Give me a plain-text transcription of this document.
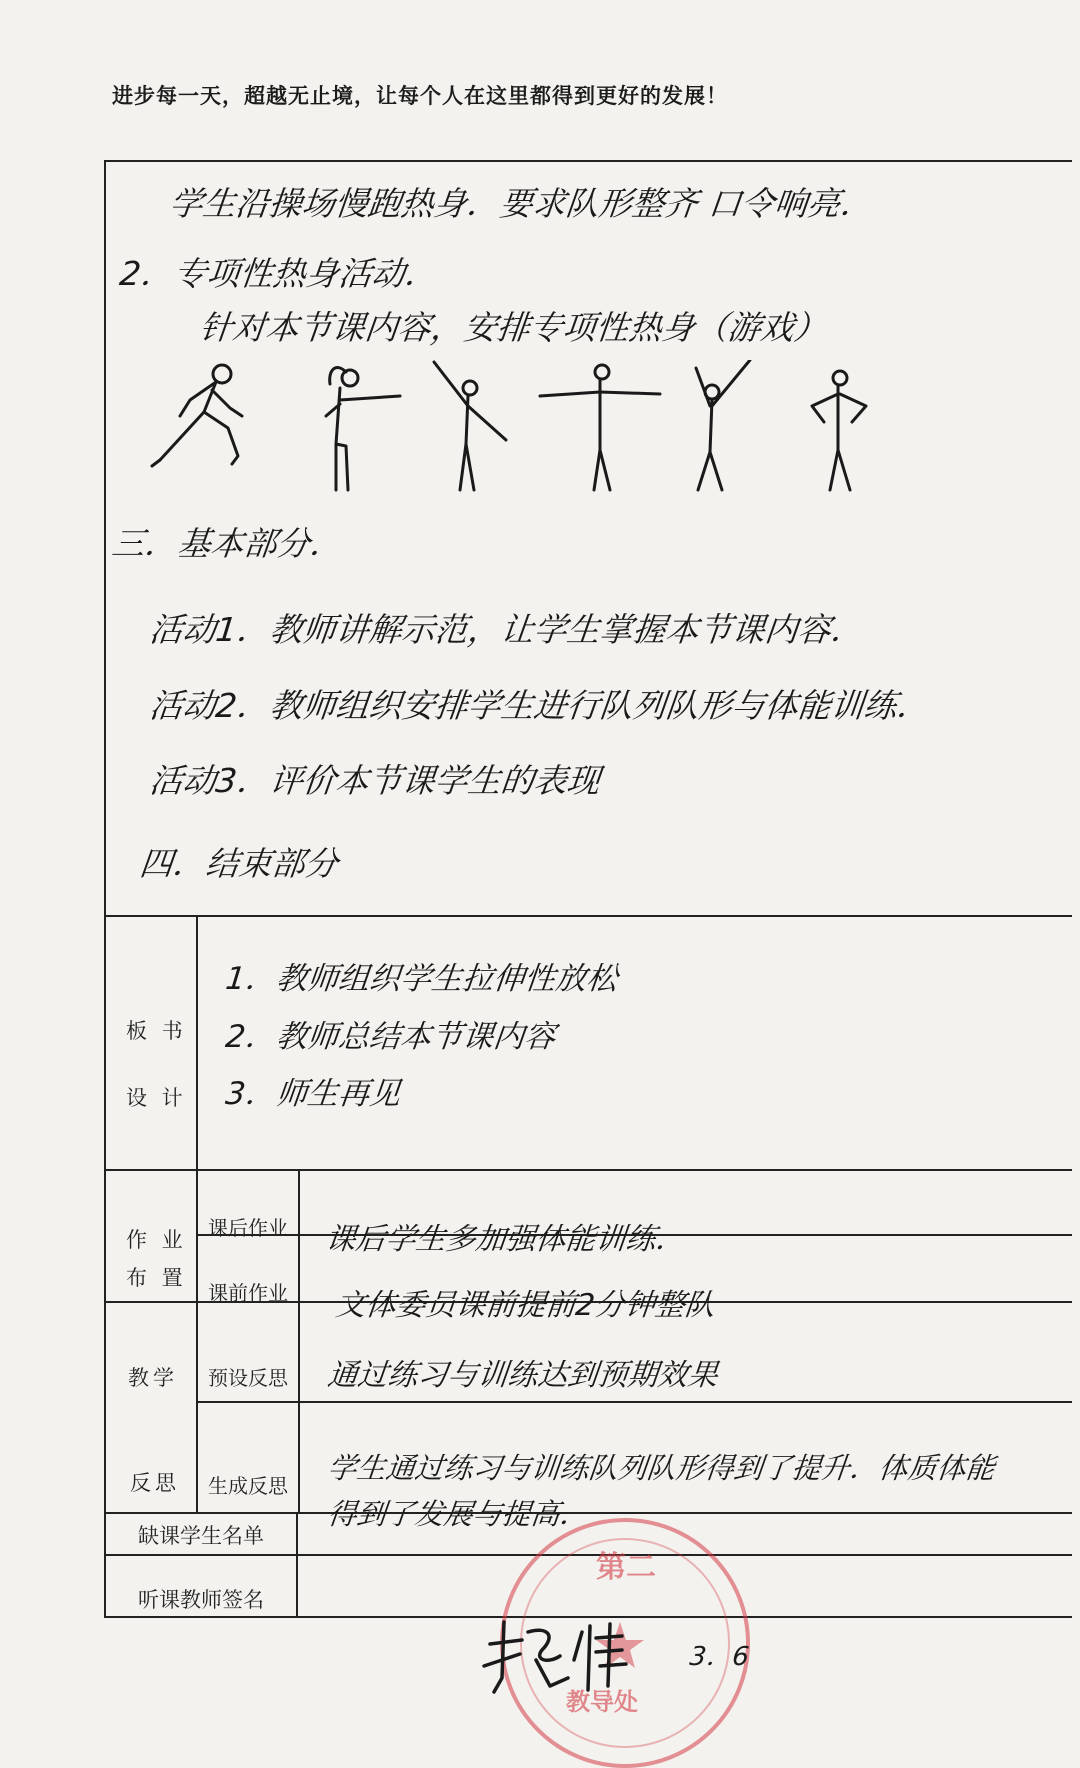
进步每一天，超越无止境，让每个人在这里都得到更好的发展！
学生沿操场慢跑热身．要求队形整齐 口令响亮．
2．专项性热身活动．
针对本节课内容，安排专项性热身（游戏）
三．基本部分．
活动1．教师讲解示范，让学生掌握本节课内容．
活动2．教师组织安排学生进行队列队形与体能训练．
活动3．评价本节课学生的表现
四．结束部分
板 书
设 计
1．教师组织学生拉伸性放松
2．教师总结本节课内容
3．师生再见
作 业
布 置
课后作业
课前作业
课后学生多加强体能训练．
文体委员课前提前2分钟整队
教学
反思
预设反思
生成反思
通过练习与训练达到预期效果
学生通过练习与训练队列队形得到了提升．体质体能
得到了发展与提高．
缺课学生名单
听课教师签名
第二
教导处
3．6
